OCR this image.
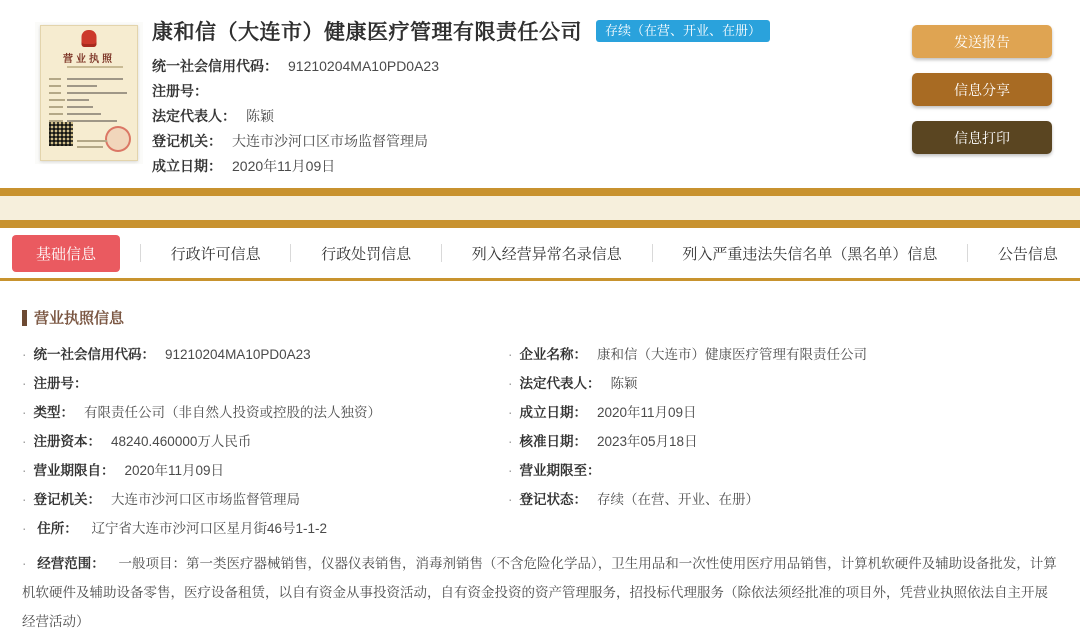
营业执照
康和信（大连市）健康医疗管理有限责任公司	存续（在营、开业、在册）
统一社会信用代码： 91210204MA10PD0A23
注册号：
法定代表人： 陈颖
登记机关： 大连市沙河口区市场监督管理局
成立日期： 2020年11月09日
发送报告
信息分享
信息打印
基础信息	行政许可信息	行政处罚信息	列入经营异常名录信息	列入严重违法失信名单（黑名单）信息	公告信息
营业执照信息
· 统一社会信用代码： 91210204MA10PD0A23	· 企业名称： 康和信（大连市）健康医疗管理有限责任公司
· 注册号：	· 法定代表人： 陈颖
· 类型： 有限责任公司（非自然人投资或控股的法人独资）	· 成立日期： 2020年11月09日
· 注册资本： 48240.460000万人民币	· 核准日期： 2023年05月18日
· 营业期限自： 2020年11月09日	· 营业期限至：
· 登记机关： 大连市沙河口区市场监督管理局	· 登记状态： 存续（在营、开业、在册）
· 住所： 辽宁省大连市沙河口区星月街46号1-1-2
· 经营范围： 一般项目：第一类医疗器械销售，仪器仪表销售，消毒剂销售（不含危险化学品），卫生用品和一次性使用医疗用品销售，计算机软硬件及辅助设备批发，计算机软硬件及辅助设备零售，医疗设备租赁，以自有资金从事投资活动，自有资金投资的资产管理服务，招投标代理服务（除依法须经批准的项目外，凭营业执照依法自主开展经营活动）
